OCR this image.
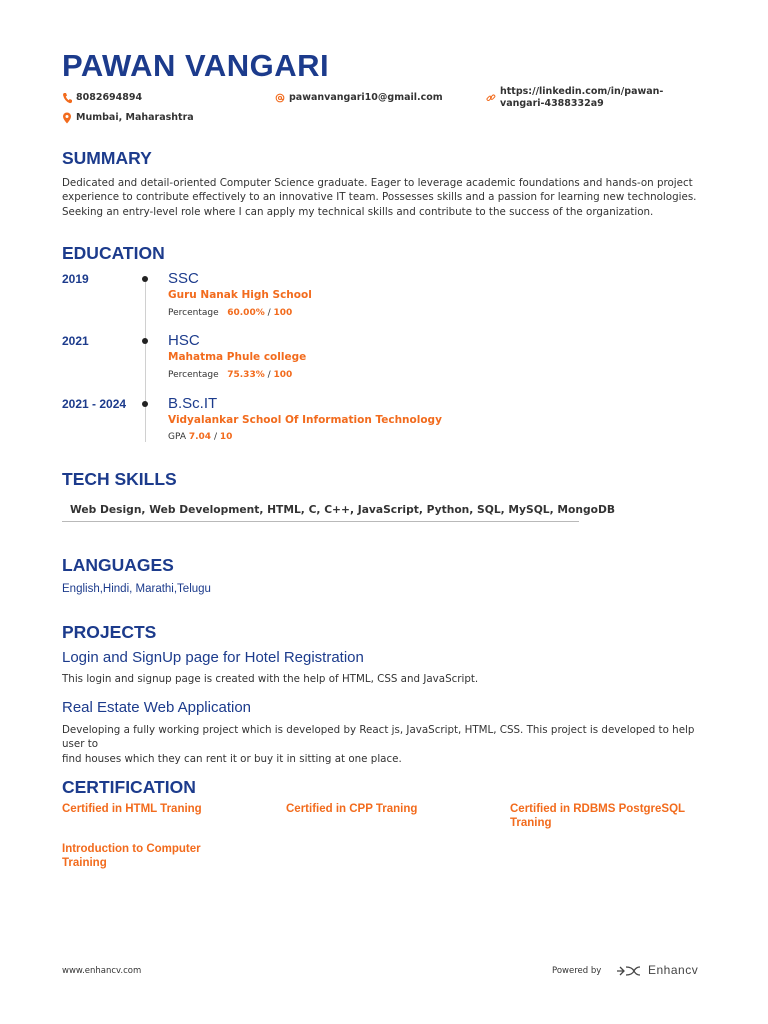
PAWAN VANGARI
8082694894	pawanvangari10@gmail.com
https://linkedin.com/in/pawan-
vangari-4388332a9
Mumbai, Maharashtra
SUMMARY
Dedicated and detail-oriented Computer Science graduate. Eager to leverage academic foundations and hands-on project
experience to contribute effectively to an innovative IT team. Possesses skills and a passion for learning new technologies.
Seeking an entry-level role where I can apply my technical skills and contribute to the success of the organization.
EDUCATION
2019	SSC
Guru Nanak High School
Percentage 60.00% / 100
2021	HSC
Mahatma Phule college
Percentage 75.33% / 100
2021 - 2024	B.Sc.IT
Vidyalankar School Of Information Technology
GPA 7.04 / 10
TECH SKILLS
Web Design, Web Development, HTML, C, C++, JavaScript, Python, SQL, MySQL, MongoDB
LANGUAGES
English,Hindi, Marathi,Telugu
PROJECTS
Login and SignUp page for Hotel Registration
This login and signup page is created with the help of HTML, CSS and JavaScript.
Real Estate Web Application
Developing a fully working project which is developed by React js, JavaScript, HTML, CSS. This project is developed to help user to
find houses which they can rent it or buy it in sitting at one place.
CERTIFICATION
Certified in HTML Traning	Certified in CPP Traning	Certified in RDBMS PostgreSQL
Traning
Introduction to Computer
Training
www.enhancv.com	Powered by	Enhancv
